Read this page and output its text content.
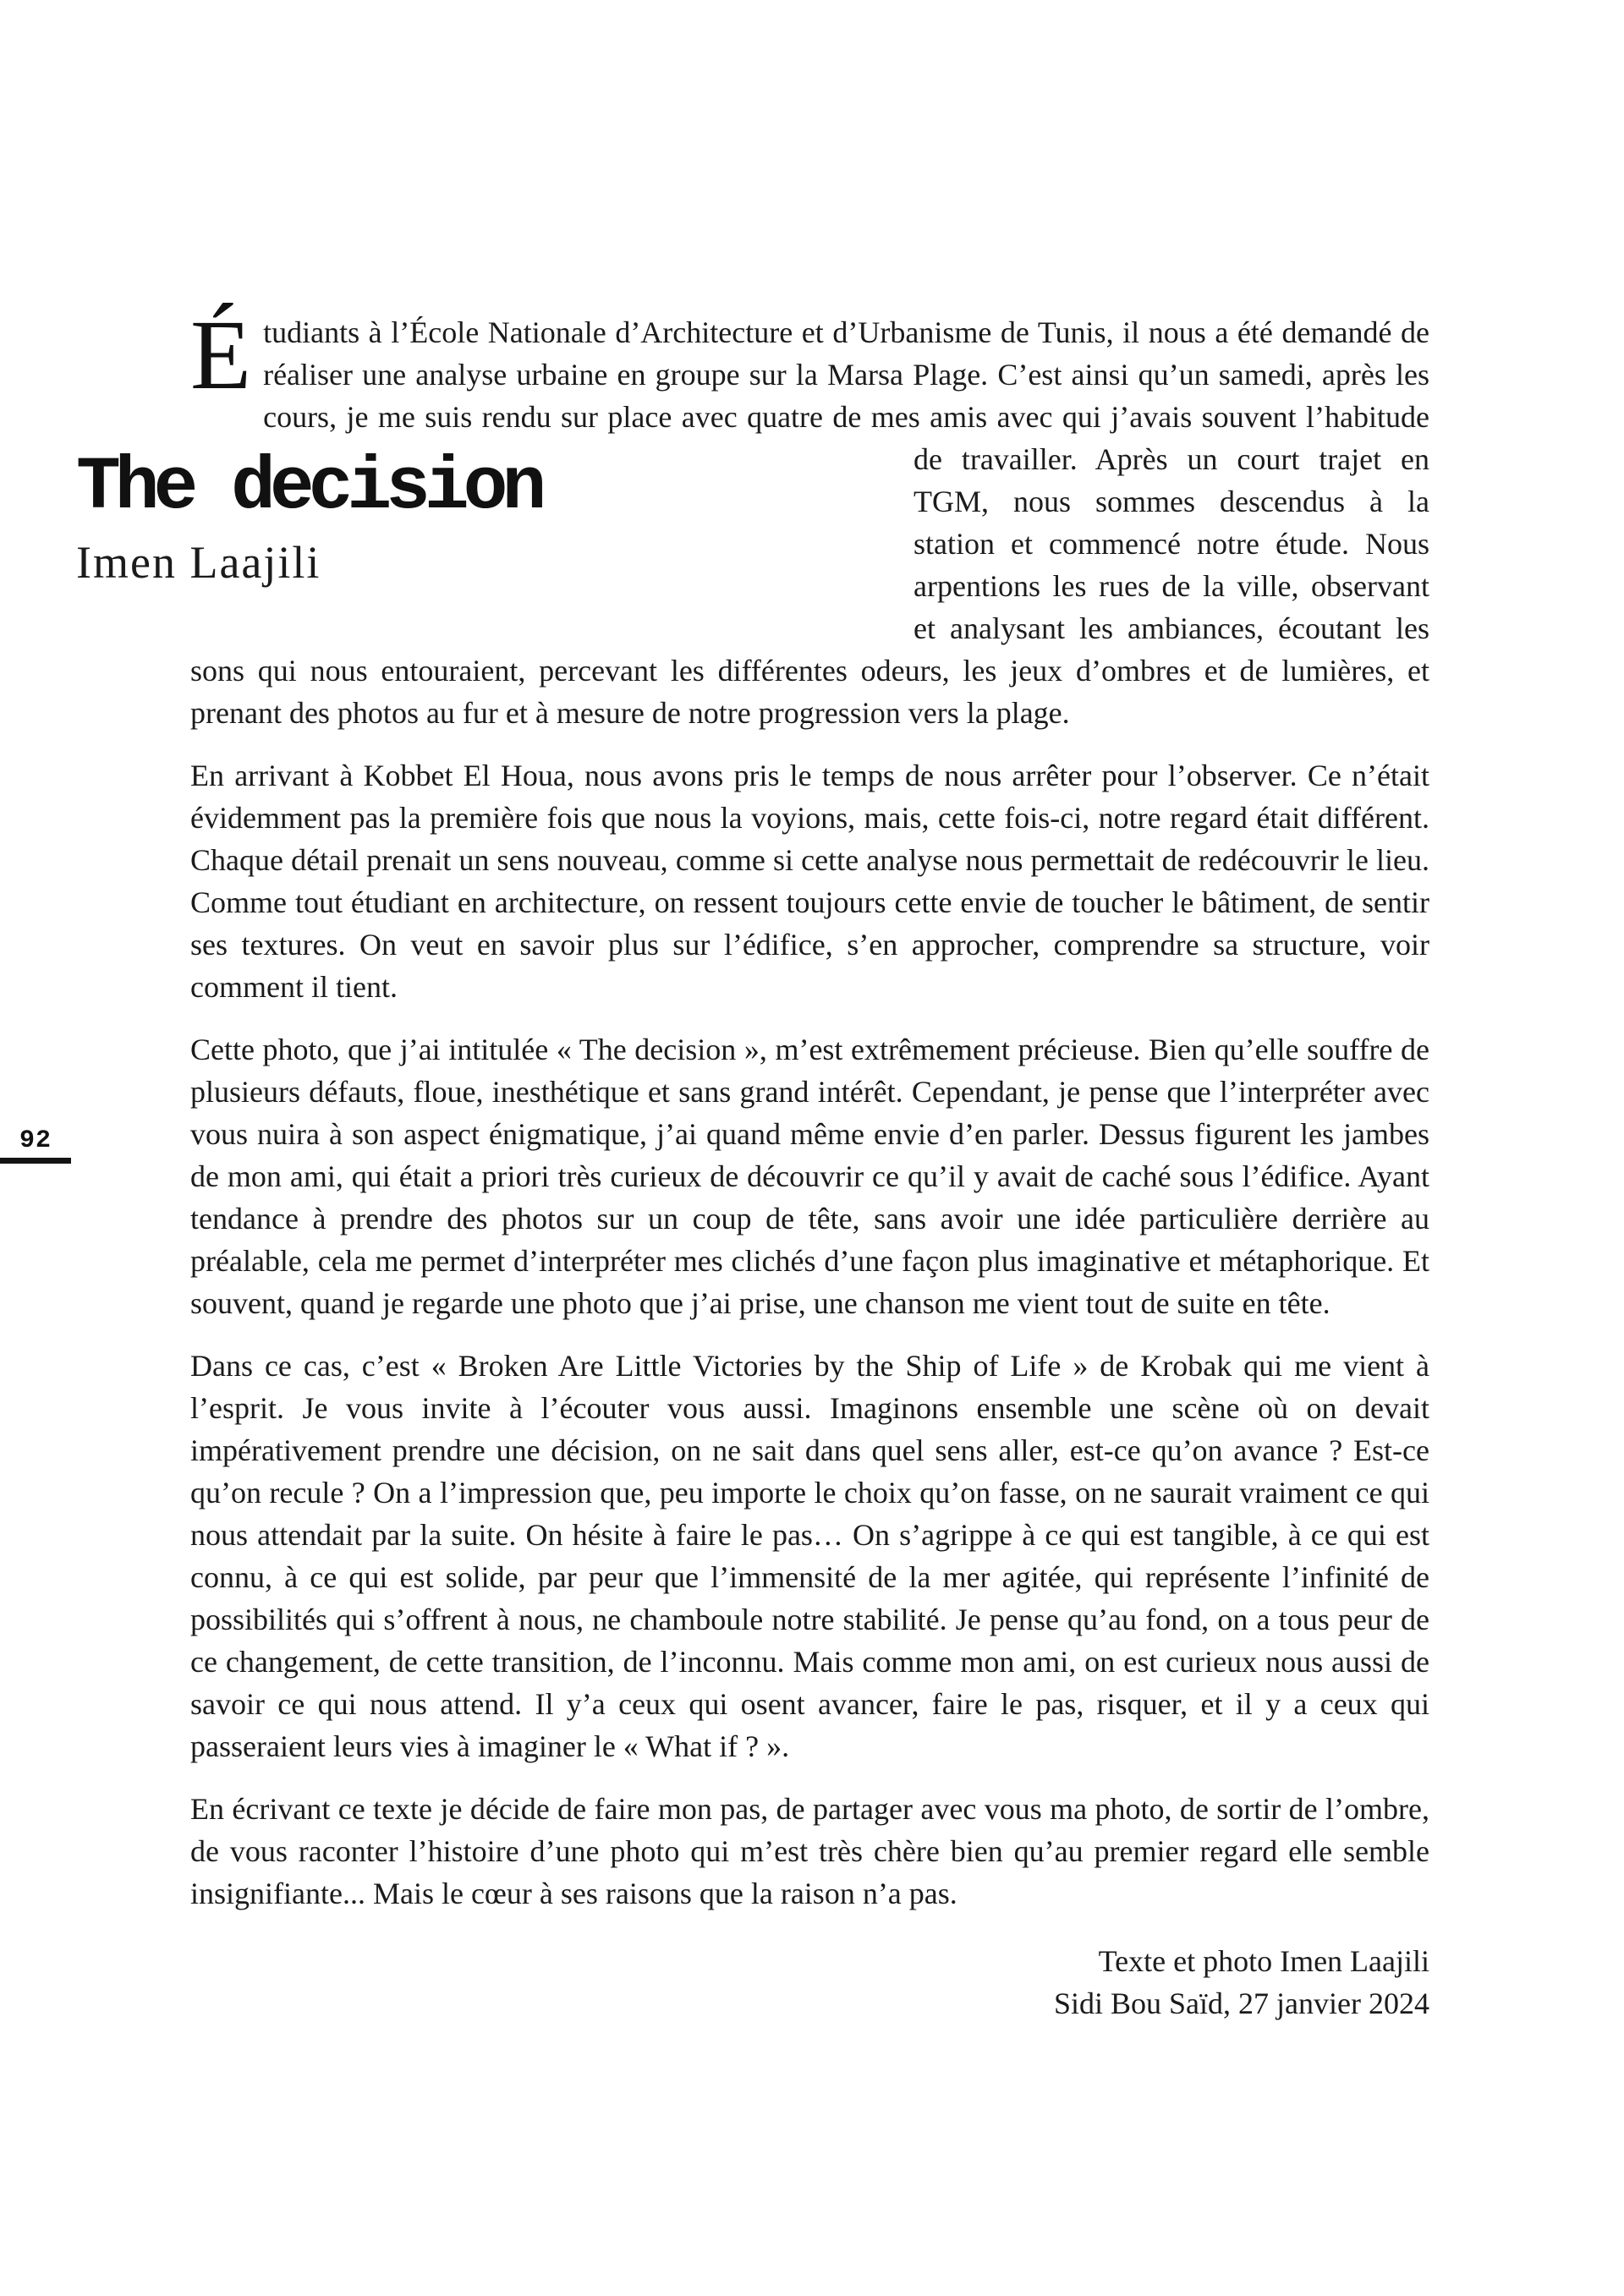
92

Étudiants à l’École Nationale d’Architecture et d’Urbanisme de Tunis, il nous a été demandé de réaliser une analyse urbaine en groupe sur la Marsa Plage. C’est ainsi qu’un samedi, après les cours, je me suis rendu sur place avec quatre de mes amis avec
The decision
Imen Laajili
qui j’avais souvent l’habitude de travailler. Après un court trajet en TGM, nous sommes descendus à la station et commencé notre étude. Nous arpentions les rues de la ville, observant et analysant les ambiances, écoutant les sons qui nous entouraient, percevant les différentes odeurs, les jeux d’ombres et de lumières, et prenant des photos au fur et à mesure de notre progression vers la plage.

En arrivant à Kobbet El Houa, nous avons pris le temps de nous arrêter pour l’observer. Ce n’était évidemment pas la première fois que nous la voyions, mais, cette fois-ci, notre regard était différent. Chaque détail prenait un sens nouveau, comme si cette analyse nous permettait de redécouvrir le lieu. Comme tout étudiant en architecture, on ressent toujours cette envie de toucher le bâtiment, de sentir ses textures. On veut en savoir plus sur l’édifice, s’en approcher, comprendre sa structure, voir comment il tient.

Cette photo, que j’ai intitulée « The decision », m’est extrêmement précieuse. Bien qu’elle souffre de plusieurs défauts, floue, inesthétique et sans grand intérêt. Cependant, je pense que l’interpréter avec vous nuira à son aspect énigmatique, j’ai quand même envie d’en parler. Dessus figurent les jambes de mon ami, qui était a priori très curieux de découvrir ce qu’il y avait de caché sous l’édifice. Ayant tendance à prendre des photos sur un coup de tête, sans avoir une idée particulière derrière au préalable, cela me permet d’interpréter mes clichés d’une façon plus imaginative et métaphorique. Et souvent, quand je regarde une photo que j’ai prise, une chanson me vient tout de suite en tête.

Dans ce cas, c’est « Broken Are Little Victories by the Ship of Life » de Krobak qui me vient à l’esprit. Je vous invite à l’écouter vous aussi. Imaginons ensemble une scène où on devait impérativement prendre une décision, on ne sait dans quel sens aller, est-ce qu’on avance ? Est-ce qu’on recule ? On a l’impression que, peu importe le choix qu’on fasse, on ne saurait vraiment ce qui nous attendait par la suite. On hésite à faire le pas… On s’agrippe à ce qui est tangible, à ce qui est connu, à ce qui est solide, par peur que l’immensité de la mer agitée, qui représente l’infinité de possibilités qui s’offrent à nous, ne chamboule notre stabilité. Je pense qu’au fond, on a tous peur de ce changement, de cette transition, de l’inconnu. Mais comme mon ami, on est curieux nous aussi de savoir ce qui nous attend. Il y’a ceux qui osent avancer, faire le pas, risquer, et il y a ceux qui passeraient leurs vies à imaginer le « What if ? ».

En écrivant ce texte je décide de faire mon pas, de partager avec vous ma photo, de sortir de l’ombre, de vous raconter l’histoire d’une photo qui m’est très chère bien qu’au premier regard elle semble insignifiante... Mais le cœur à ses raisons que la raison n’a pas.

Texte et photo Imen Laajili
Sidi Bou Saïd, 27 janvier 2024
